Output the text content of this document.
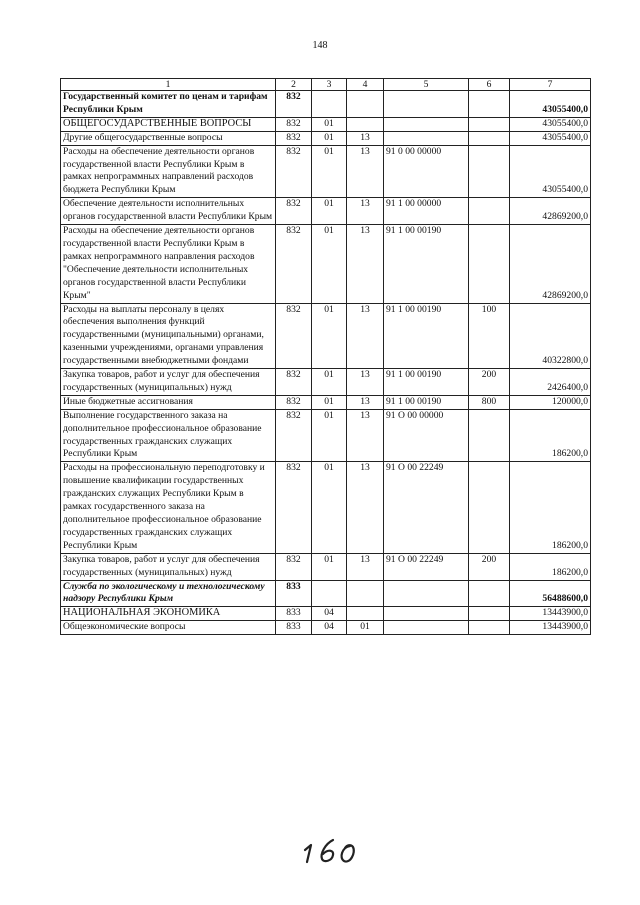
148
1	2	3	4	5	6	7
Государственный комитет по ценам и тарифам Республики Крым	832					43055400,0
ОБЩЕГОСУДАРСТВЕННЫЕ ВОПРОСЫ	832	01				43055400,0
Другие общегосударственные вопросы	832	01	13			43055400,0
Расходы на обеспечение деятельности органов государственной власти Республики Крым в рамках непрограммных направлений расходов бюджета Республики Крым	832	01	13	91 0 00 00000		43055400,0
Обеспечение деятельности исполнительных органов государственной власти Республики Крым	832	01	13	91 1 00 00000		42869200,0
Расходы на обеспечение деятельности органов государственной власти Республики Крым в рамках непрограммного направления расходов "Обеспечение деятельности исполнительных органов государственной власти Республики Крым"	832	01	13	91 1 00 00190		42869200,0
Расходы на выплаты персоналу в целях обеспечения выполнения функций государственными (муниципальными) органами, казенными учреждениями, органами управления государственными внебюджетными фондами	832	01	13	91 1 00 00190	100	40322800,0
Закупка товаров, работ и услуг для обеспечения государственных (муниципальных) нужд	832	01	13	91 1 00 00190	200	2426400,0
Иные бюджетные ассигнования	832	01	13	91 1 00 00190	800	120000,0
Выполнение государственного заказа на дополнительное профессиональное образование государственных гражданских служащих Республики Крым	832	01	13	91 О 00 00000		186200,0
Расходы на профессиональную переподготовку и повышение квалификации государственных гражданских служащих Республики Крым в рамках государственного заказа на дополнительное профессиональное образование государственных гражданских служащих Республики Крым	832	01	13	91 О 00 22249		186200,0
Закупка товаров, работ и услуг для обеспечения государственных (муниципальных) нужд	832	01	13	91 О 00 22249	200	186200,0
Служба по экологическому и технологическому надзору Республики Крым	833					56488600,0
НАЦИОНАЛЬНАЯ ЭКОНОМИКА	833	04				13443900,0
Общеэкономические вопросы	833	04	01			13443900,0
